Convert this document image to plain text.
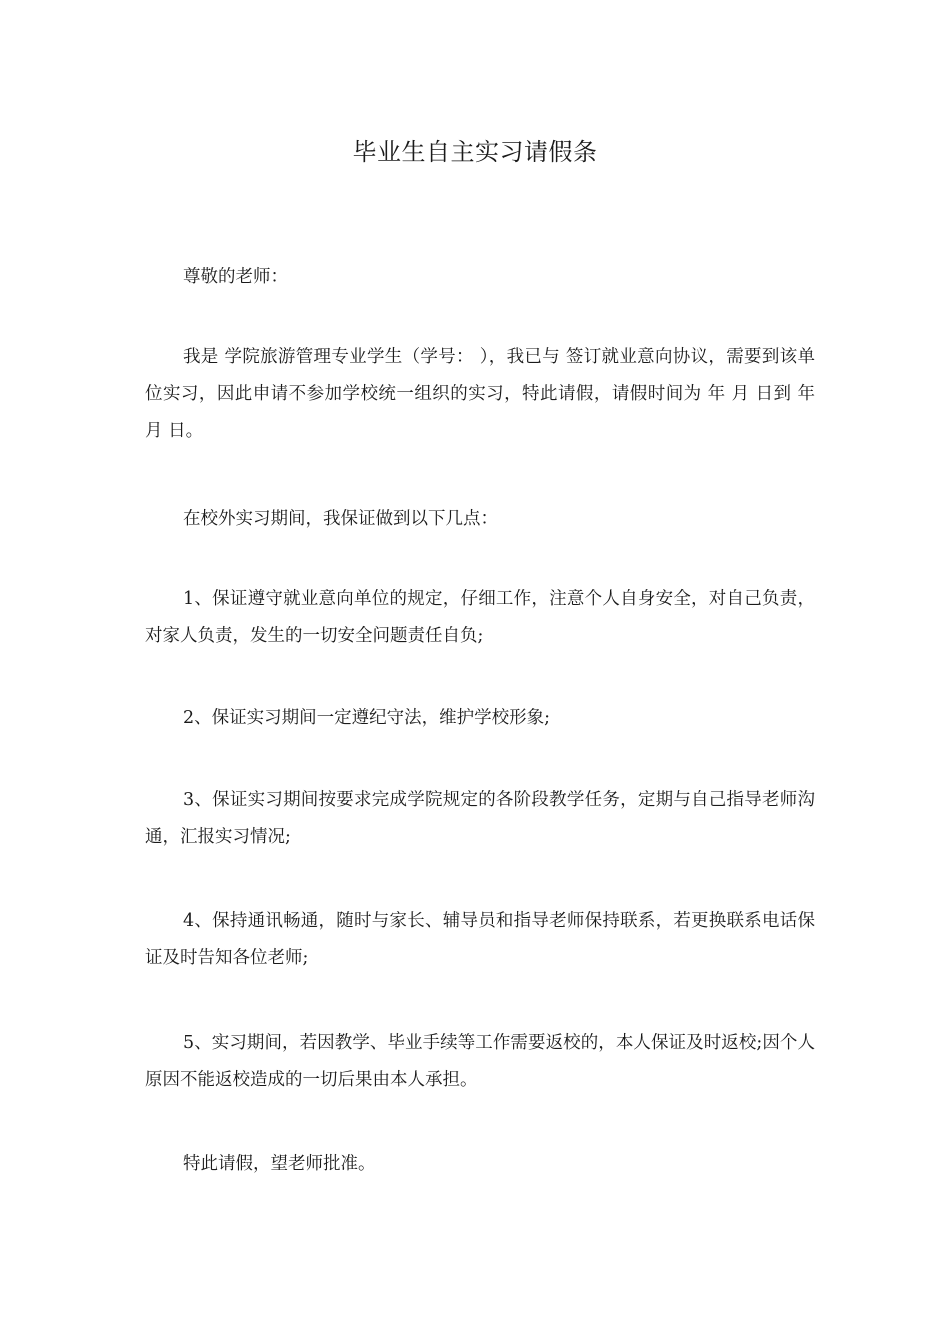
毕业生自主实习请假条

尊敬的老师：

我是 学院旅游管理专业学生（学号： ），我已与 签订就业意向协议，需要到该单位实习，因此申请不参加学校统一组织的实习，特此请假，请假时间为 年 月 日到 年 月 日。

在校外实习期间，我保证做到以下几点：

1、保证遵守就业意向单位的规定，仔细工作，注意个人自身安全，对自己负责，对家人负责，发生的一切安全问题责任自负;

2、保证实习期间一定遵纪守法，维护学校形象;

3、保证实习期间按要求完成学院规定的各阶段教学任务，定期与自己指导老师沟通，汇报实习情况;

4、保持通讯畅通，随时与家长、辅导员和指导老师保持联系，若更换联系电话保证及时告知各位老师;

5、实习期间，若因教学、毕业手续等工作需要返校的，本人保证及时返校;因个人原因不能返校造成的一切后果由本人承担。

特此请假，望老师批准。
